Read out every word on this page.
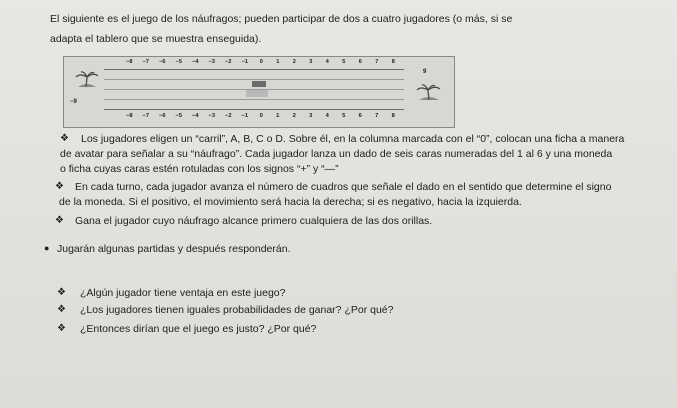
El siguiente es el juego de los náufragos; pueden participar de dos a cuatro jugadores (o más, si se
adapta el tablero que se muestra enseguida).
−8	−7	−6	−5	−4	−3	−2	−1	0	1	2	3	4	5	6	7	8
−9
9
−8	−7	−6	−5	−4	−3	−2	−1	0	1	2	3	4	5	6	7	8
❖ Los jugadores eligen un “carril”, A, B, C o D. Sobre él, en la columna marcada con el “0”, colocan una ficha a manera
de avatar para señalar a su “náufrago”. Cada jugador lanza un dado de seis caras numeradas del 1 al 6 y una moneda
o ficha cuyas caras estén rotuladas con los signos “+” y “—”
❖ En cada turno, cada jugador avanza el número de cuadros que señale el dado en el sentido que determine el signo
de la moneda. Si el positivo, el movimiento será hacia la derecha; si es negativo, hacia la izquierda.
❖ Gana el jugador cuyo náufrago alcance primero cualquiera de las dos orillas.
● Jugarán algunas partidas y después responderán.
❖ ¿Algún jugador tiene ventaja en este juego?
❖ ¿Los jugadores tienen iguales probabilidades de ganar? ¿Por qué?
❖ ¿Entonces dirían que el juego es justo? ¿Por qué?
